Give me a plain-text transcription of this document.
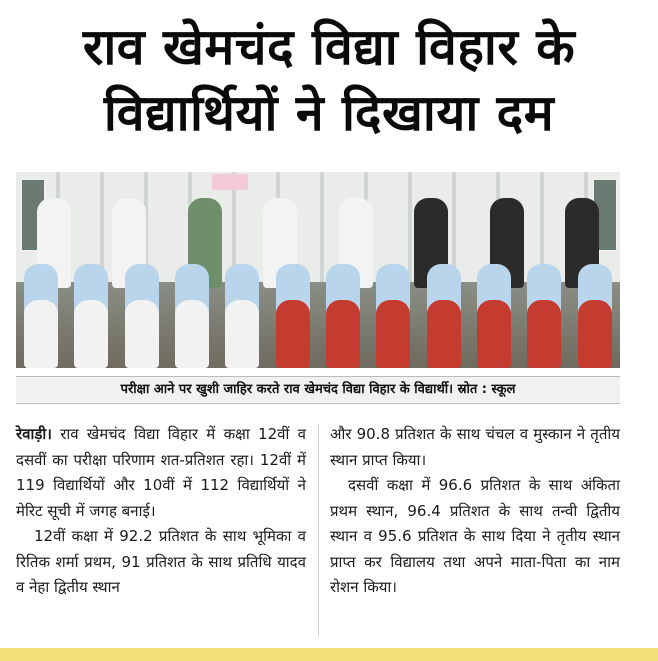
राव खेमचंद विद्या विहार के
विद्यार्थियों ने दिखाया दम
परीक्षा आने पर खुशी जाहिर करते राव खेमचंद विद्या विहार के विद्यार्थी। स्रोत : स्कूल

रेवाड़ी। राव खेमचंद विद्या विहार में कक्षा 12वीं व दसवीं का परीक्षा परिणाम शत-प्रतिशत रहा। 12वीं में 119 विद्यार्थियों और 10वीं में 112 विद्यार्थियों ने मेरिट सूची में जगह बनाई।

12वीं कक्षा में 92.2 प्रतिशत के साथ भूमिका व रितिक शर्मा प्रथम, 91 प्रतिशत के साथ प्रतिधि यादव व नेहा द्वितीय स्थान

और 90.8 प्रतिशत के साथ चंचल व मुस्कान ने तृतीय स्थान प्राप्त किया।

दसवीं कक्षा में 96.6 प्रतिशत के साथ अंकिता प्रथम स्थान, 96.4 प्रतिशत के साथ तन्वी द्वितीय स्थान व 95.6 प्रतिशत के साथ दिया ने तृतीय स्थान प्राप्त कर विद्यालय तथा अपने माता-पिता का नाम रोशन किया।
